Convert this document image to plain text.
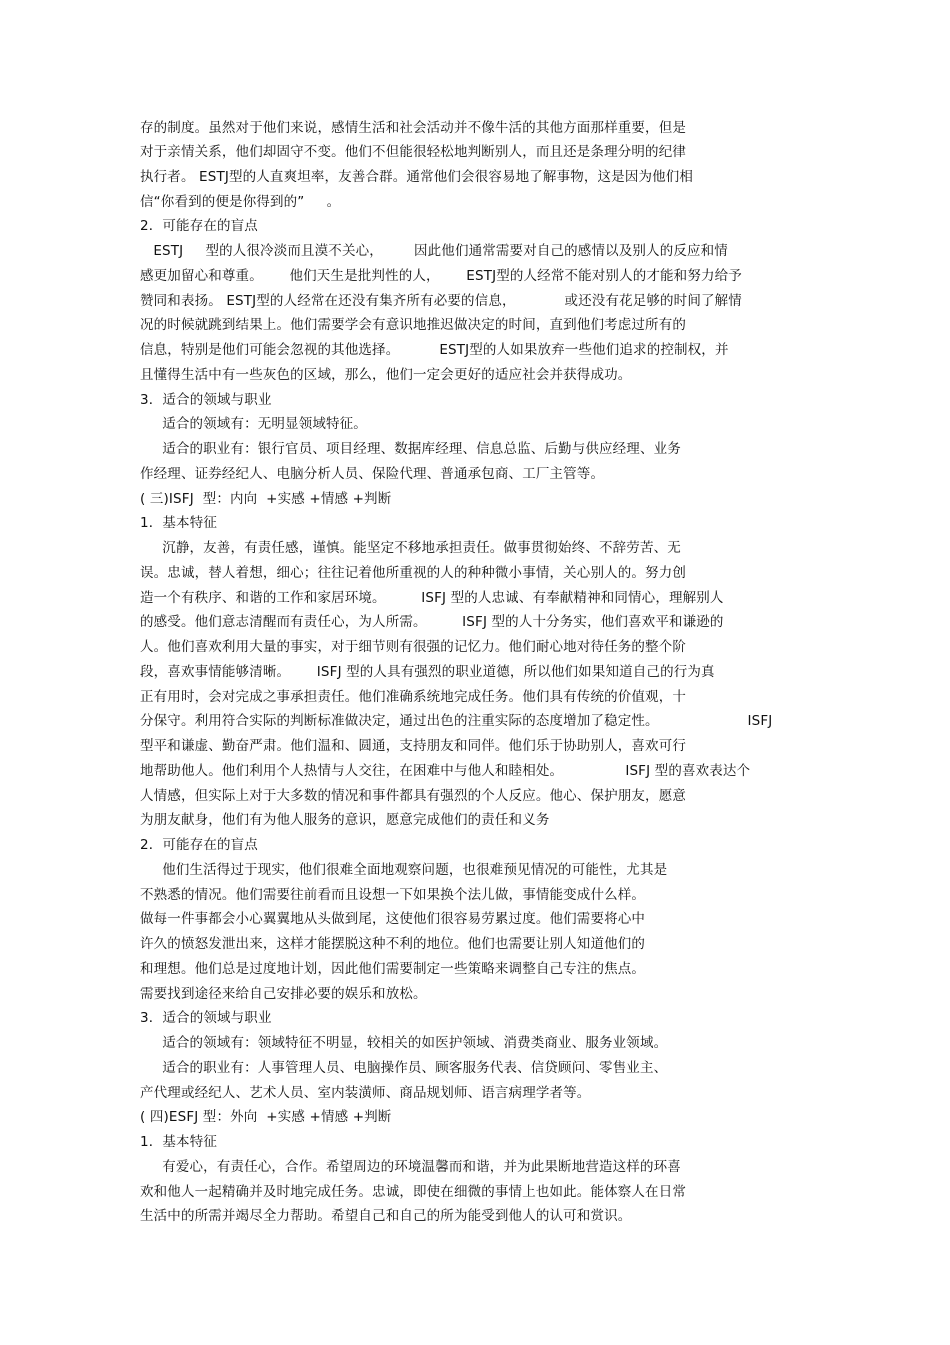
存的制度。虽然对于他们来说，感情生活和社会活动并不像牛活的其他方面那样重要，但是
对于亲情关系，他们却固守不变。他们不但能很轻松地判断别人，而且还是条理分明的纪律
执行者。 ESTJ型的人直爽坦率，友善合群。通常他们会很容易地了解事物，这是因为他们相
信“你看到的便是你得到的”     。
2．可能存在的盲点
ESTJ     型的人很冷淡而且漠不关心，       因此他们通常需要对自己的感情以及别人的反应和情
感更加留心和尊重。      他们天生是批判性的人，      ESTJ型的人经常不能对别人的才能和努力给予
赞同和表扬。 ESTJ型的人经常在还没有集齐所有必要的信息，           或还没有花足够的时间了解情
况的时候就跳到结果上。他们需要学会有意识地推迟做决定的时间，直到他们考虑过所有的
信息，特别是他们可能会忽视的其他选择。         ESTJ型的人如果放弃一些他们追求的控制权，并
且懂得生活中有一些灰色的区域，那么，他们一定会更好的适应社会并获得成功。
3．适合的领域与职业
适合的领域有：无明显领域特征。
适合的职业有：银行官员、项目经理、数据库经理、信息总监、后勤与供应经理、业务
作经理、证券经纪人、电脑分析人员、保险代理、普通承包商、工厂主管等。
( 三)ISFJ  型：内向  +实感 +情感 +判断
1．基本特征
沉静，友善，有责任感，谨慎。能坚定不移地承担责任。做事贯彻始终、不辞劳苦、无
误。忠诚，替人着想，细心；往往记着他所重视的人的种种微小事情，关心别人的。努力创
造一个有秩序、和谐的工作和家居环境。        ISFJ 型的人忠诚、有奉献精神和同情心，理解别人
的感受。他们意志清醒而有责任心，为人所需。        ISFJ 型的人十分务实，他们喜欢平和谦逊的
人。他们喜欢利用大量的事实，对于细节则有很强的记忆力。他们耐心地对待任务的整个阶
段，喜欢事情能够清晰。      ISFJ 型的人具有强烈的职业道德，所以他们如果知道自己的行为真
正有用时，会对完成之事承担责任。他们准确系统地完成任务。他们具有传统的价值观，十
分保守。利用符合实际的判断标准做决定，通过出色的注重实际的态度增加了稳定性。                    ISFJ
型平和谦虚、勤奋严肃。他们温和、圆通，支持朋友和同伴。他们乐于协助别人，喜欢可行
地帮助他人。他们利用个人热情与人交往，在困难中与他人和睦相处。              ISFJ 型的喜欢表达个
人情感，但实际上对于大多数的情况和事件都具有强烈的个人反应。他心、保护朋友，愿意
为朋友献身，他们有为他人服务的意识，愿意完成他们的责任和义务
2．可能存在的盲点
他们生活得过于现实，他们很难全面地观察问题，也很难预见情况的可能性，尤其是
不熟悉的情况。他们需要往前看而且设想一下如果换个法儿做，事情能变成什么样。
做每一件事都会小心翼翼地从头做到尾，这使他们很容易劳累过度。他们需要将心中
许久的愤怒发泄出来，这样才能摆脱这种不利的地位。他们也需要让别人知道他们的
和理想。他们总是过度地计划，因此他们需要制定一些策略来调整自己专注的焦点。
需要找到途径来给自己安排必要的娱乐和放松。
3．适合的领域与职业
适合的领域有：领域特征不明显，较相关的如医护领域、消费类商业、服务业领域。
适合的职业有：人事管理人员、电脑操作员、顾客服务代表、信贷顾问、零售业主、
产代理或经纪人、艺术人员、室内装潢师、商品规划师、语言病理学者等。
( 四)ESFJ 型：外向  +实感 +情感 +判断
1．基本特征
有爱心，有责任心，合作。希望周边的环境温馨而和谐，并为此果断地营造这样的环喜
欢和他人一起精确并及时地完成任务。忠诚，即使在细微的事情上也如此。能体察人在日常
生活中的所需并竭尽全力帮助。希望自己和自己的所为能受到他人的认可和赏识。
